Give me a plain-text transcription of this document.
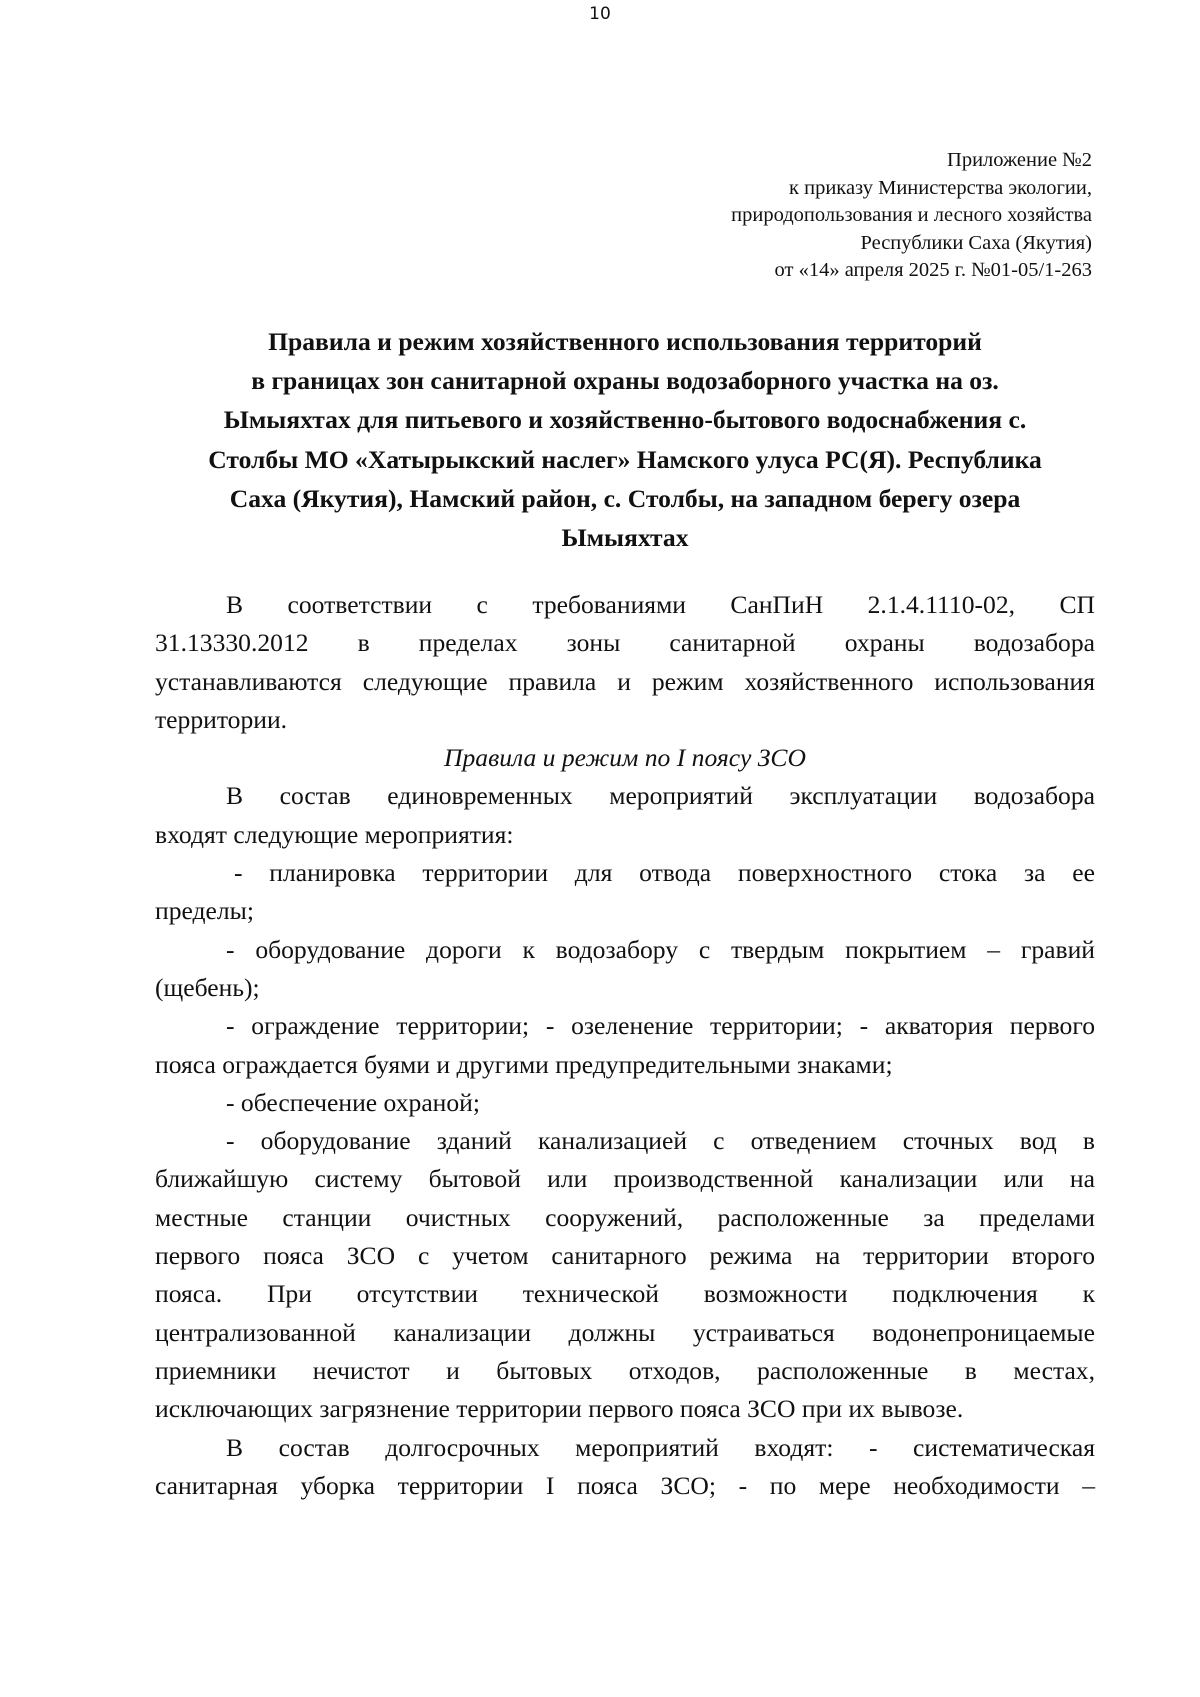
10
Приложение №2
к приказу Министерства экологии,
природопользования и лесного хозяйства
Республики Саха (Якутия)
от «14» апреля 2025 г. №01-05/1-263
Правила и режим хозяйственного использования территорий
в границах зон санитарной охраны водозаборного участка на оз.
Ымыяхтах для питьевого и хозяйственно-бытового водоснабжения с.
Столбы МО «Хатырыкский наслег» Намского улуса РС(Я). Республика
Саха (Якутия), Намский район, с. Столбы, на западном берегу озера
Ымыяхтах
В соответствии с требованиями СанПиН 2.1.4.1110-02, СП
31.13330.2012 в пределах зоны санитарной охраны водозабора
устанавливаются следующие правила и режим хозяйственного использования
территории.
Правила и режим по I поясу ЗСО
В состав единовременных мероприятий эксплуатации водозабора
входят следующие мероприятия:
- планировка территории для отвода поверхностного стока за ее
пределы;
- оборудование дороги к водозабору с твердым покрытием – гравий
(щебень);
- ограждение территории; - озеленение территории; - акватория первого
пояса ограждается буями и другими предупредительными знаками;
- обеспечение охраной;
- оборудование зданий канализацией с отведением сточных вод в
ближайшую систему бытовой или производственной канализации или на
местные станции очистных сооружений, расположенные за пределами
первого пояса ЗСО с учетом санитарного режима на территории второго
пояса. При отсутствии технической возможности подключения к
централизованной канализации должны устраиваться водонепроницаемые
приемники нечистот и бытовых отходов, расположенные в местах,
исключающих загрязнение территории первого пояса ЗСО при их вывозе.
В состав долгосрочных мероприятий входят: - систематическая
санитарная уборка территории I пояса ЗСО; - по мере необходимости –
